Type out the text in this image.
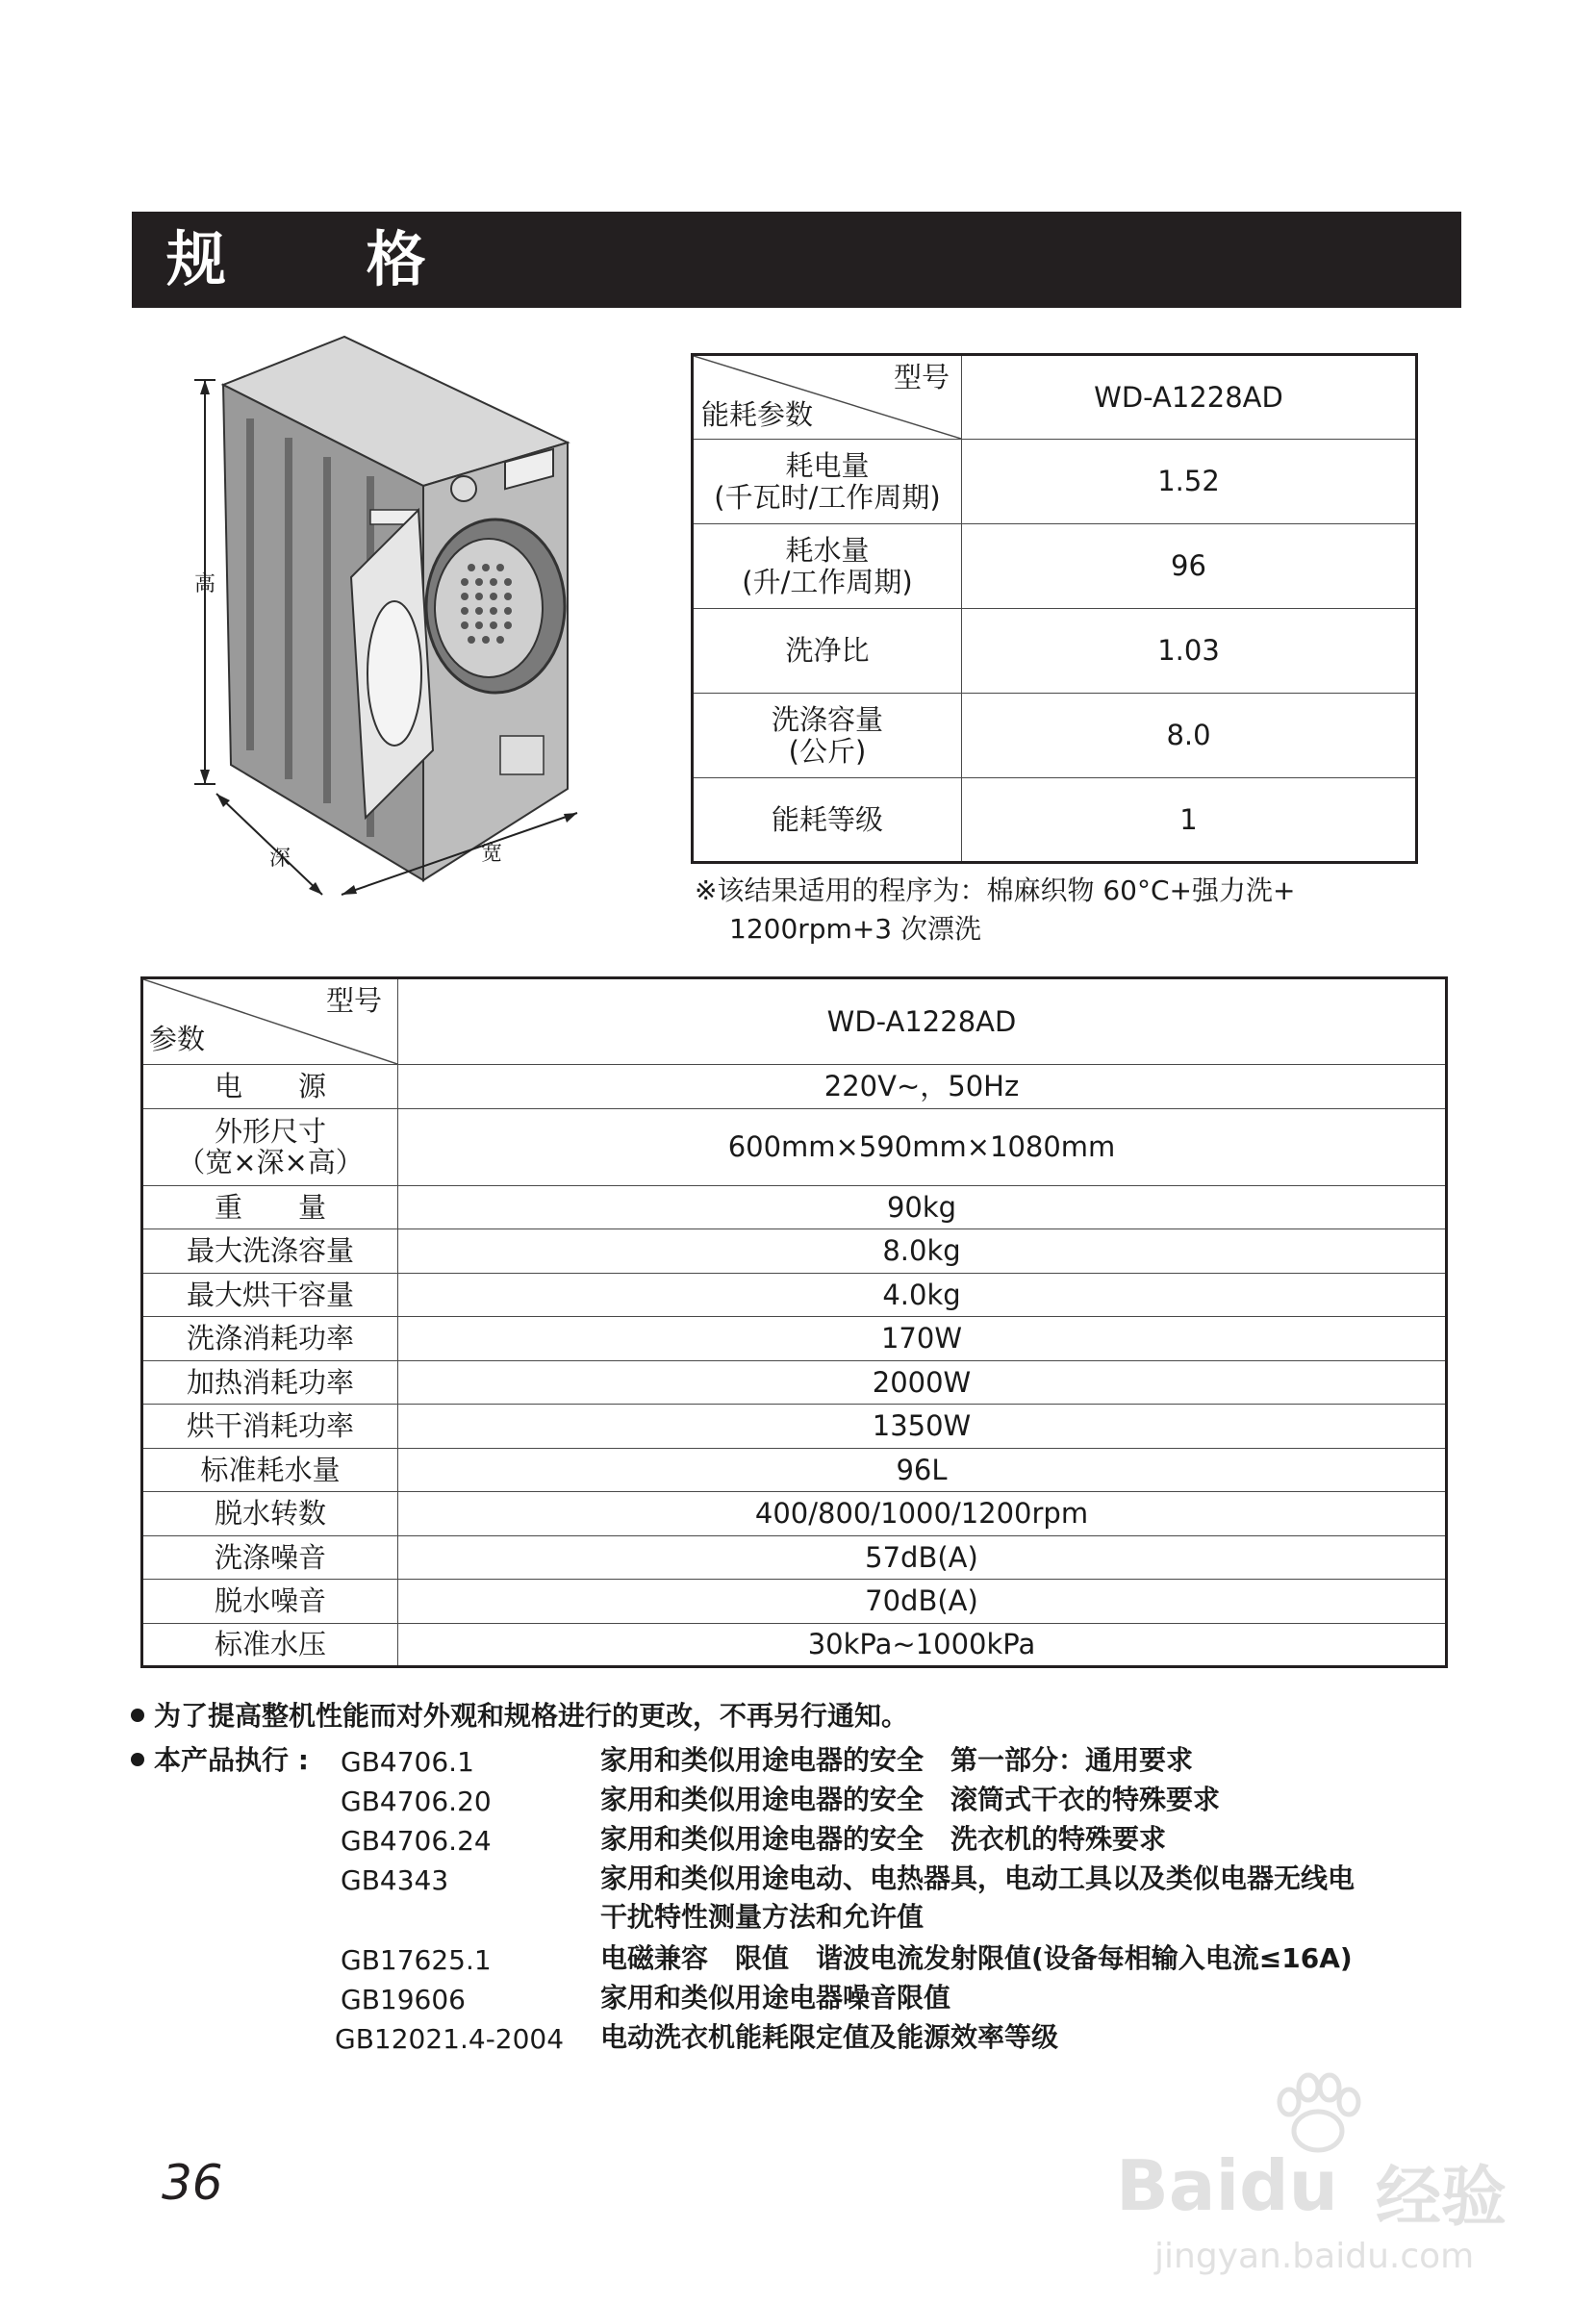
规 格
高
深	宽
型号
能耗参数	WD-A1228AD
耗电量
(千瓦时/工作周期)	1.52
耗水量
(升/工作周期)	96
洗净比	1.03
洗涤容量
(公斤)	8.0
能耗等级	1
※该结果适用的程序为：棉麻织物 60°C+强力洗+
1200rpm+3 次漂洗
型号
参数	WD-A1228AD
电　　源	220V~，50Hz
外形尺寸
（宽×深×高）	600mm×590mm×1080mm
重　　量	90kg
最大洗涤容量	8.0kg
最大烘干容量	4.0kg
洗涤消耗功率	170W
加热消耗功率	2000W
烘干消耗功率	1350W
标准耗水量	96L
脱水转数	400/800/1000/1200rpm
洗涤噪音	57dB(A)
脱水噪音	70dB(A)
标准水压	30kPa~1000kPa
为了提高整机性能而对外观和规格进行的更改，不再另行通知。
本产品执行 : GB4706.1	家用和类似用途电器的安全　第一部分：通用要求
GB4706.20	家用和类似用途电器的安全　滚筒式干衣的特殊要求
GB4706.24	家用和类似用途电器的安全　洗衣机的特殊要求
GB4343	家用和类似用途电动、电热器具，电动工具以及类似电器无线电
干扰特性测量方法和允许值
GB17625.1	电磁兼容　限值　谐波电流发射限值(设备每相输入电流≤16A)
GB19606	家用和类似用途电器噪音限值
GB12021.4-2004 电动洗衣机能耗限定值及能源效率等级
36	Baidu 经验
jingyan.baidu.com
